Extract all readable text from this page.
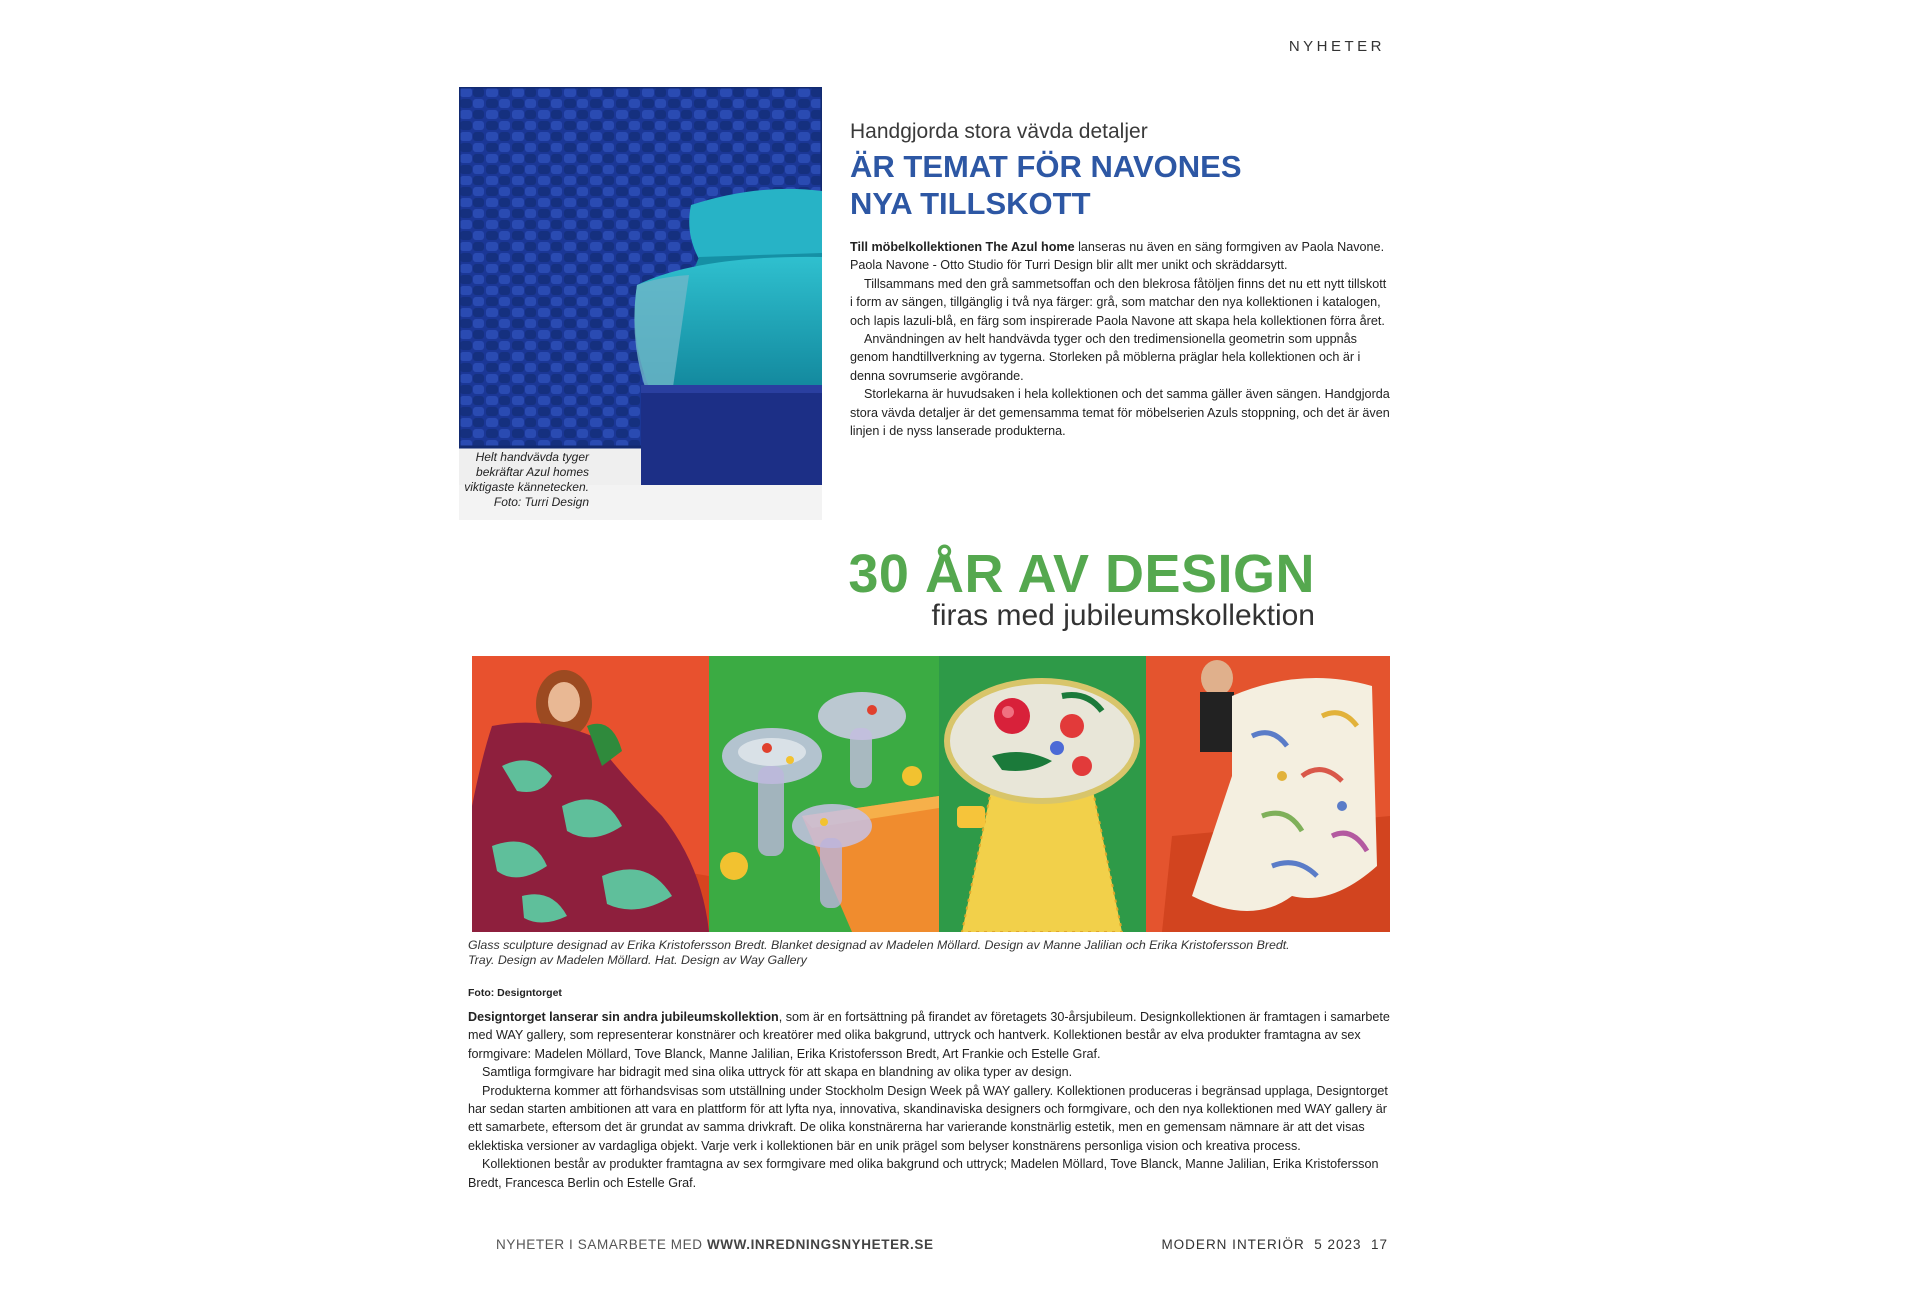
NYHETER
Helt handvävda tyger
bekräftar Azul homes
viktigaste kännetecken.
Foto: Turri Design
Handgjorda stora vävda detaljer
ÄR TEMAT FÖR NAVONES
NYA TILLSKOTT

Till möbelkollektionen The Azul home lanseras nu även en säng formgiven av Paola Navone. Paola Navone - Otto Studio för Turri Design blir allt mer unikt och skräddarsytt.

Tillsammans med den grå sammetsoffan och den blekrosa fåtöljen finns det nu ett nytt tillskott i form av sängen, tillgänglig i två nya färger: grå, som matchar den nya kollektionen i katalogen, och lapis lazuli-blå, en färg som inspirerade Paola Navone att skapa hela kollektionen förra året.

Användningen av helt handvävda tyger och den tredimensionella geometrin som uppnås genom handtillverkning av tygerna. Storleken på möblerna präglar hela kollektionen och är i denna sovrumserie avgörande.

Storlekarna är huvudsaken i hela kollektionen och det samma gäller även sängen. Handgjorda stora vävda detaljer är det gemensamma temat för möbelserien Azuls stoppning, och det är även linjen i de nyss lanserade produkterna.

30 ÅR AV DESIGN
firas med jubileumskollektion
Glass sculpture designad av Erika Kristofersson Bredt. Blanket designad av Madelen Möllard. Design av Manne Jalilian och Erika Kristofersson Bredt.
Tray. Design av Madelen Möllard. Hat. Design av Way Gallery
Foto: Designtorget

Designtorget lanserar sin andra jubileumskollektion, som är en fortsättning på firandet av företagets 30-årsjubileum. Designkollektionen är framtagen i samarbete med WAY gallery, som representerar konstnärer och kreatörer med olika bakgrund, uttryck och hantverk. Kollektionen består av elva produkter framtagna av sex formgivare: Madelen Möllard, Tove Blanck, Manne Jalilian, Erika Kristofersson Bredt, Art Frankie och Estelle Graf.

Samtliga formgivare har bidragit med sina olika uttryck för att skapa en blandning av olika typer av design.

Produkterna kommer att förhandsvisas som utställning under Stockholm Design Week på WAY gallery. Kollektionen produceras i begränsad upplaga, Designtorget har sedan starten ambitionen att vara en plattform för att lyfta nya, innovativa, skandinaviska designers och formgivare, och den nya kollektionen med WAY gallery är ett samarbete, eftersom det är grundat av samma drivkraft. De olika konstnärerna har varierande konstnärlig estetik, men en gemensam nämnare är att det visas eklektiska versioner av vardagliga objekt. Varje verk i kollektionen bär en unik prägel som belyser konstnärens personliga vision och kreativa process.

Kollektionen består av produkter framtagna av sex formgivare med olika bakgrund och uttryck; Madelen Möllard, Tove Blanck, Manne Jalilian, Erika Kristofersson Bredt, Francesca Berlin och Estelle Graf.

NYHETER I SAMARBETE MED WWW.INREDNINGSNYHETER.SE	MODERN INTERIÖR  5 2023  17
